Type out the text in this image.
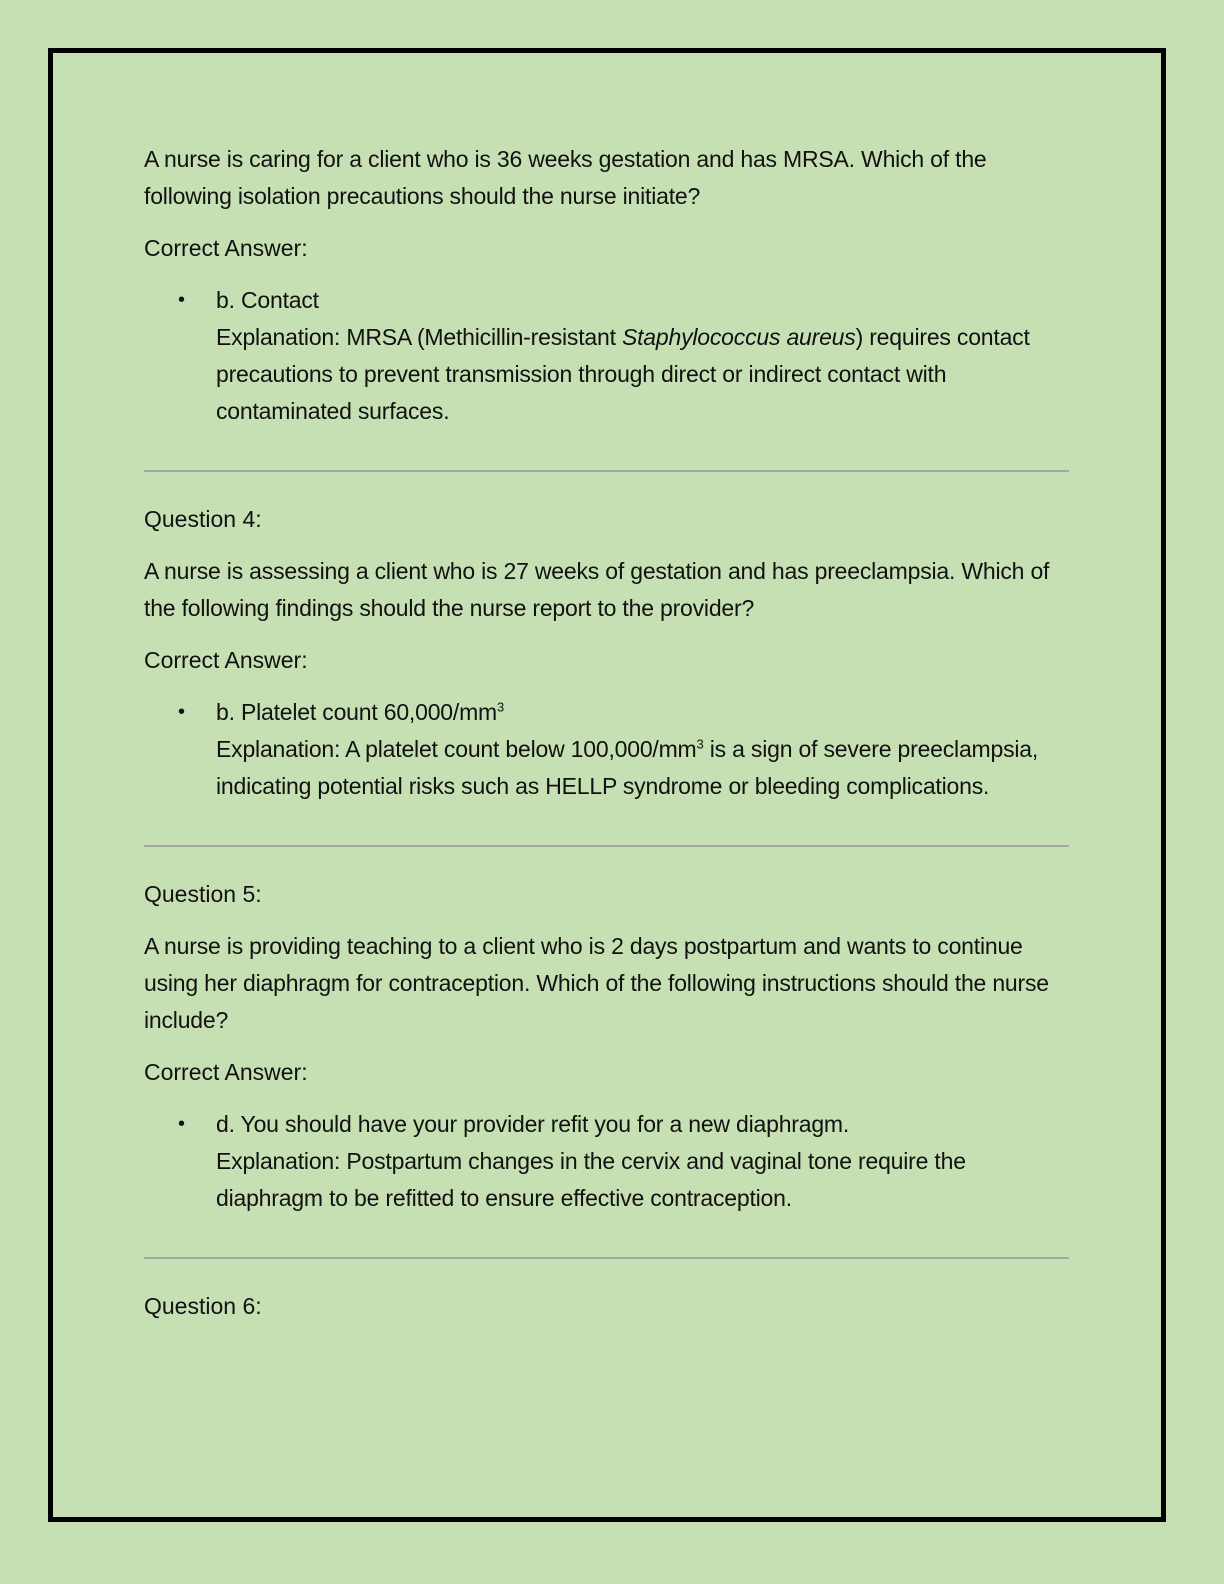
A nurse is caring for a client who is 36 weeks gestation and has MRSA. Which of the following isolation precautions should the nurse initiate?

Correct Answer:

• b. Contact
Explanation: MRSA (Methicillin-resistant Staphylococcus aureus) requires contact precautions to prevent transmission through direct or indirect contact with contaminated surfaces.

Question 4:

A nurse is assessing a client who is 27 weeks of gestation and has preeclampsia. Which of the following findings should the nurse report to the provider?

Correct Answer:

• b. Platelet count $60,000/mm^3$
Explanation: A platelet count below $100,000/mm^3$ is a sign of severe preeclampsia, indicating potential risks such as HELLP syndrome or bleeding complications.

Question 5:

A nurse is providing teaching to a client who is 2 days postpartum and wants to continue using her diaphragm for contraception. Which of the following instructions should the nurse include?

Correct Answer:

• d. You should have your provider refit you for a new diaphragm.
Explanation: Postpartum changes in the cervix and vaginal tone require the diaphragm to be refitted to ensure effective contraception.

Question 6:
